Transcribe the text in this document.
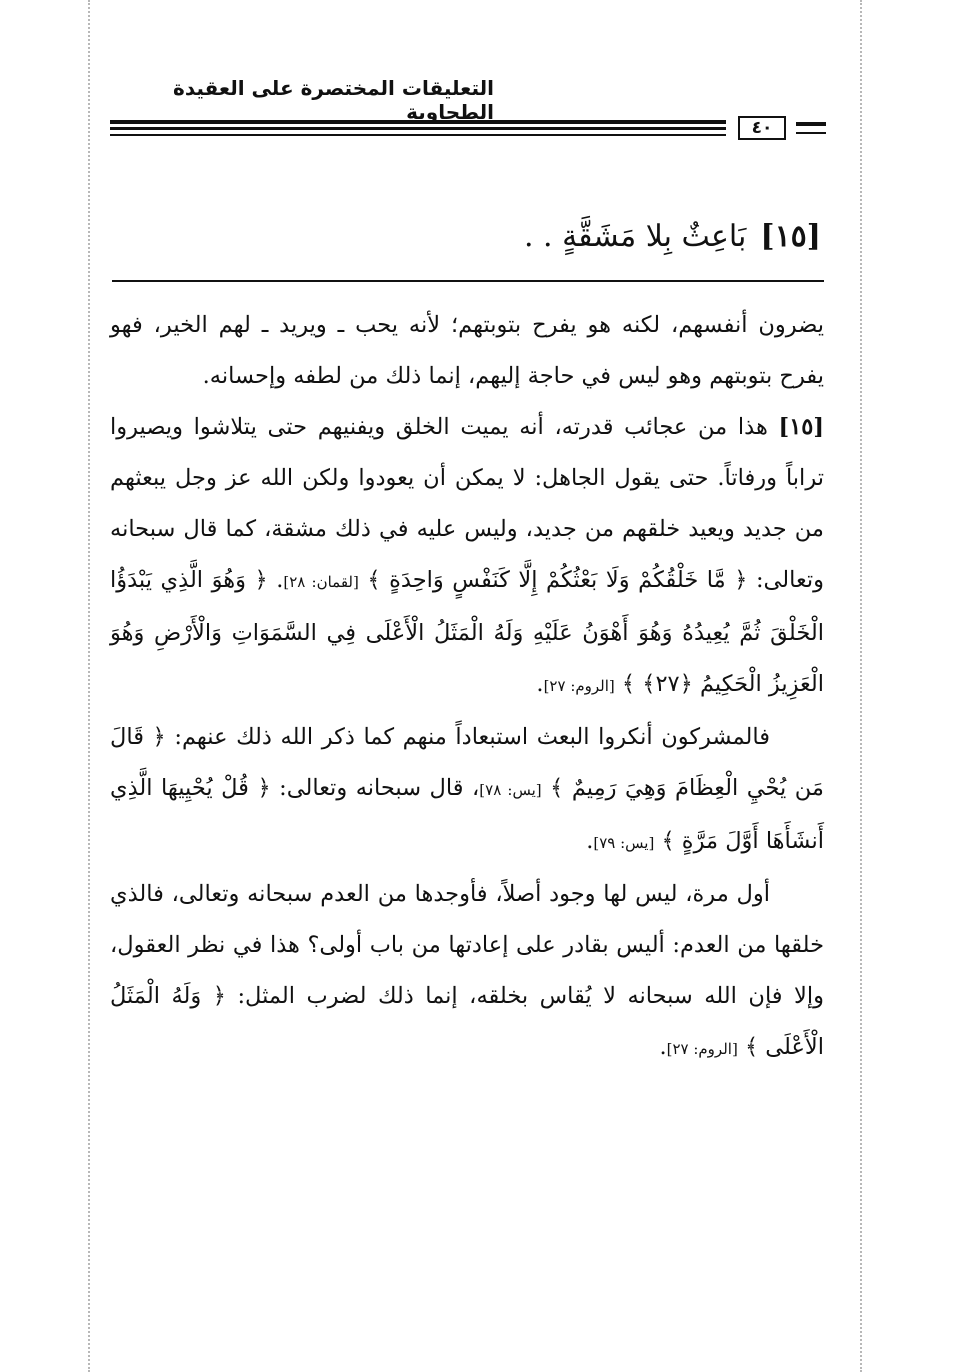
التعليقات المختصرة على العقيدة الطحاوية
٤٠
[١٥]بَاعِثٌ بِلا مَشَقَّةٍ . .

يضرون أنفسهم، لكنه هو يفرح بتوبتهم؛ لأنه يحب ـ ويريد ـ لهم الخير، فهو يفرح بتوبتهم وهو ليس في حاجة إليهم، إنما ذلك من لطفه وإحسانه.

[١٥] هذا من عجائب قدرته، أنه يميت الخلق ويفنيهم حتى يتلاشوا ويصيروا تراباً ورفاتاً. حتى يقول الجاهل: لا يمكن أن يعودوا ولكن الله عز وجل يبعثهم من جديد ويعيد خلقهم من جديد، وليس عليه في ذلك مشقة، كما قال سبحانه وتعالى: ﴿ مَّا خَلْقُكُمْ وَلَا بَعْثُكُمْ إِلَّا كَنَفْسٍ وَاحِدَةٍ ﴾ [لقمان: ٢٨]. ﴿ وَهُوَ الَّذِي يَبْدَؤُا الْخَلْقَ ثُمَّ يُعِيدُهُ وَهُوَ أَهْوَنُ عَلَيْهِ وَلَهُ الْمَثَلُ الْأَعْلَى فِي السَّمَوَاتِ وَالْأَرْضِ وَهُوَ الْعَزِيزُ الْحَكِيمُ ﴿٢٧﴾ ﴾ [الروم: ٢٧].

فالمشركون أنكروا البعث استبعاداً منهم كما ذكر الله ذلك عنهم: ﴿ قَالَ مَن يُحْيِ الْعِظَامَ وَهِيَ رَمِيمٌ ﴾ [يس: ٧٨]، قال سبحانه وتعالى: ﴿ قُلْ يُحْيِيهَا الَّذِي أَنشَأَهَا أَوَّلَ مَرَّةٍ ﴾ [يس: ٧٩].

أول مرة، ليس لها وجود أصلاً، فأوجدها من العدم سبحانه وتعالى، فالذي خلقها من العدم: أليس بقادر على إعادتها من باب أولى؟ هذا في نظر العقول، وإلا فإن الله سبحانه لا يُقاس بخلقه، إنما ذلك لضرب المثل: ﴿ وَلَهُ الْمَثَلُ الْأَعْلَى ﴾ [الروم: ٢٧].
